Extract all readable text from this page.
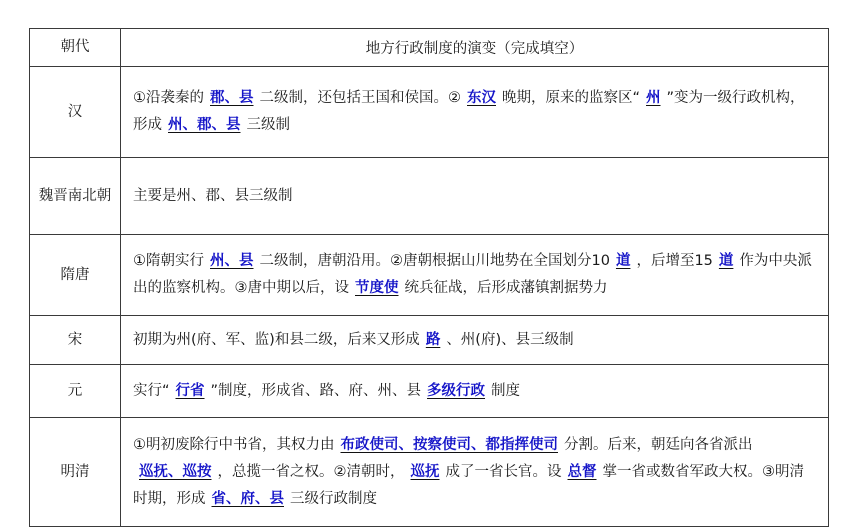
朝代	地方行政制度的演变（完成填空）
汉	①沿袭秦的 郡、县 二级制，还包括王国和侯国。② 东汉 晚期，原来的监察区“ 州 ”变为一级行政机构，形成 州、郡、县 三级制
魏晋南北朝	主要是州、郡、县三级制
隋唐	①隋朝实行 州、县 二级制，唐朝沿用。②唐朝根据山川地势在全国划分10 道 ，后增至15 道 作为中央派出的监察机构。③唐中期以后，设 节度使 统兵征战，后形成藩镇割据势力
宋	初期为州(府、军、监)和县二级，后来又形成 路 、州(府)、县三级制
元	实行“ 行省 ”制度，形成省、路、府、州、县 多级行政 制度
明清	①明初废除行中书省，其权力由 布政使司、按察使司、都指挥使司 分割。后来，朝廷向各省派出巡抚、巡按 ，总揽一省之权。②清朝时， 巡抚 成了一省长官。设 总督 掌一省或数省军政大权。③明清时期，形成 省、府、县 三级行政制度
